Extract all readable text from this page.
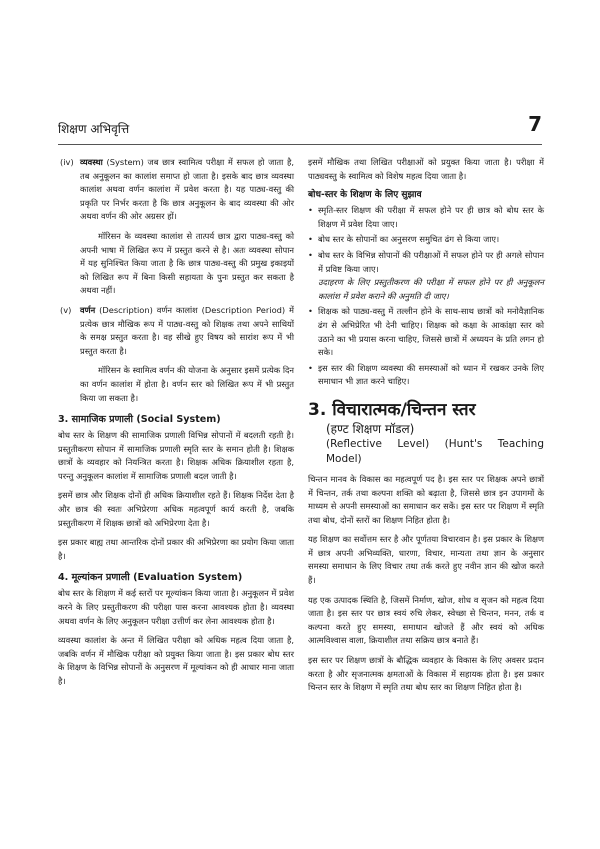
शिक्षण अभिवृत्ति	7
(iv) व्यवस्था (System) जब छात्र स्वामित्व परीक्षा में सफल हो जाता है, तब अनुकूलन का कालांश समाप्त हो जाता है। इसके बाद छात्र व्यवस्था कालांश अथवा वर्णन कालांश में प्रवेश करता है। यह पाठ्य-वस्तु की प्रकृति पर निर्भर करता है कि छात्र अनुकूलन के बाद व्यवस्था की ओर अथवा वर्णन की ओर अग्रसर हों।

मॉरिसन के व्यवस्था कालांश से तात्पर्य छात्र द्वारा पाठ्य-वस्तु को अपनी भाषा में लिखित रूप में प्रस्तुत करने से है। अतः व्यवस्था सोपान में यह सुनिश्चित किया जाता है कि छात्र पाठ्य-वस्तु की प्रमुख इकाइयों को लिखित रूप में बिना किसी सहायता के पुनः प्रस्तुत कर सकता है अथवा नहीं।

(v) वर्णन (Description) वर्णन कालांश (Description Period) में प्रत्येक छात्र मौखिक रूप में पाठ्य-वस्तु को शिक्षक तथा अपने साथियों के समक्ष प्रस्तुत करता है। वह सीखे हुए विषय को सारांश रूप में भी प्रस्तुत करता है।

मॉरिसन के स्वामित्व वर्णन की योजना के अनुसार इसमें प्रत्येक दिन का वर्णन कालांश में होता है। वर्णन स्तर को लिखित रूप में भी प्रस्तुत किया जा सकता है।

3. सामाजिक प्रणाली (Social System)

बोध स्तर के शिक्षण की सामाजिक प्रणाली विभिन्न सोपानों में बदलती रहती है। प्रस्तुतीकरण सोपान में सामाजिक प्रणाली स्मृति स्तर के समान होती है। शिक्षक छात्रों के व्यवहार को नियन्त्रित करता है। शिक्षक अधिक क्रियाशील रहता है, परन्तु अनुकूलन कालांश में सामाजिक प्रणाली बदल जाती है।

इसमें छात्र और शिक्षक दोनों ही अधिक क्रियाशील रहते हैं। शिक्षक निर्देश देता है और छात्र की स्वतः अभिप्रेरणा अधिक महत्वपूर्ण कार्य करती है, जबकि प्रस्तुतीकरण में शिक्षक छात्रों को अभिप्रेरणा देता है।

इस प्रकार बाह्य तथा आन्तरिक दोनों प्रकार की अभिप्रेरणा का प्रयोग किया जाता है।

4. मूल्यांकन प्रणाली (Evaluation System)

बोध स्तर के शिक्षण में कई स्तरों पर मूल्यांकन किया जाता है। अनुकूलन में प्रवेश करने के लिए प्रस्तुतीकरण की परीक्षा पास करना आवश्यक होता है। व्यवस्था अथवा वर्णन के लिए अनुकूलन परीक्षा उत्तीर्ण कर लेना आवश्यक होता है।

व्यवस्था कालांश के अन्त में लिखित परीक्षा को अधिक महत्व दिया जाता है, जबकि वर्णन में मौखिक परीक्षा को प्रयुक्त किया जाता है। इस प्रकार बोध स्तर के शिक्षण के विभिन्न सोपानों के अनुसरण में मूल्यांकन को ही आधार माना जाता है।

इसमें मौखिक तथा लिखित परीक्षाओं को प्रयुक्त किया जाता है। परीक्षा में पाठ्यवस्तु के स्वामित्व को विशेष महत्व दिया जाता है।

बोध-स्तर के शिक्षण के लिए सुझाव
• स्मृति-स्तर शिक्षण की परीक्षा में सफल होने पर ही छात्र को बोध स्तर के शिक्षण में प्रवेश दिया जाए।
• बोध स्तर के सोपानों का अनुसरण समुचित ढंग से किया जाए।
• बोध स्तर के विभिन्न सोपानों की परीक्षाओं में सफल होने पर ही अगले सोपान में प्रविष्ट किया जाए।
उदाहरण के लिए प्रस्तुतीकरण की परीक्षा में सफल होने पर ही अनुकूलन कालांश में प्रवेश कराने की अनुमति दी जाए।
• शिक्षक को पाठ्य-वस्तु में तल्लीन होने के साथ-साथ छात्रों को मनोवैज्ञानिक ढंग से अभिप्रेरित भी देनी चाहिए। शिक्षक को कक्षा के आकांक्षा स्तर को उठाने का भी प्रयास करना चाहिए, जिससे छात्रों में अध्ययन के प्रति लगन हो सके।
• इस स्तर की शिक्षण व्यवस्था की समस्याओं को ध्यान में रखकर उनके लिए समाधान भी ज्ञात करने चाहिए।
3. विचारात्मक/चिन्तन स्तर
(हण्ट शिक्षण मॉडल)
(Reflective Level) (Hunt's Teaching Model)

चिन्तन मानव के विकास का महत्वपूर्ण पद है। इस स्तर पर शिक्षक अपने छात्रों में चिन्तन, तर्क तथा कल्पना शक्ति को बढ़ाता है, जिससे छात्र इन उपागमों के माध्यम से अपनी समस्याओं का समाधान कर सकें। इस स्तर पर शिक्षण में स्मृति तथा बोध, दोनों स्तरों का शिक्षण निहित होता है।

यह शिक्षण का सर्वोत्तम स्तर है और पूर्णतया विचारवान है। इस प्रकार के शिक्षण में छात्र अपनी अभिव्यक्ति, धारणा, विचार, मान्यता तथा ज्ञान के अनुसार समस्या समाधान के लिए विचार तथा तर्क करते हुए नवीन ज्ञान की खोज करते हैं।

यह एक उत्पादक स्थिति है, जिसमें निर्माण, खोज, शोध व सृजन को महत्व दिया जाता है। इस स्तर पर छात्र स्वयं रुचि लेकर, स्वेच्छा से चिन्तन, मनन, तर्क व कल्पना करते हुए समस्या, समाधान खोजते हैं और स्वयं को अधिक आत्मविश्वास वाला, क्रियाशील तथा सक्रिय छात्र बनाते हैं।

इस स्तर पर शिक्षण छात्रों के बौद्धिक व्यवहार के विकास के लिए अवसर प्रदान करता है और सृजनात्मक क्षमताओं के विकास में सहायक होता है। इस प्रकार चिन्तन स्तर के शिक्षण में स्मृति तथा बोध स्तर का शिक्षण निहित होता है।
